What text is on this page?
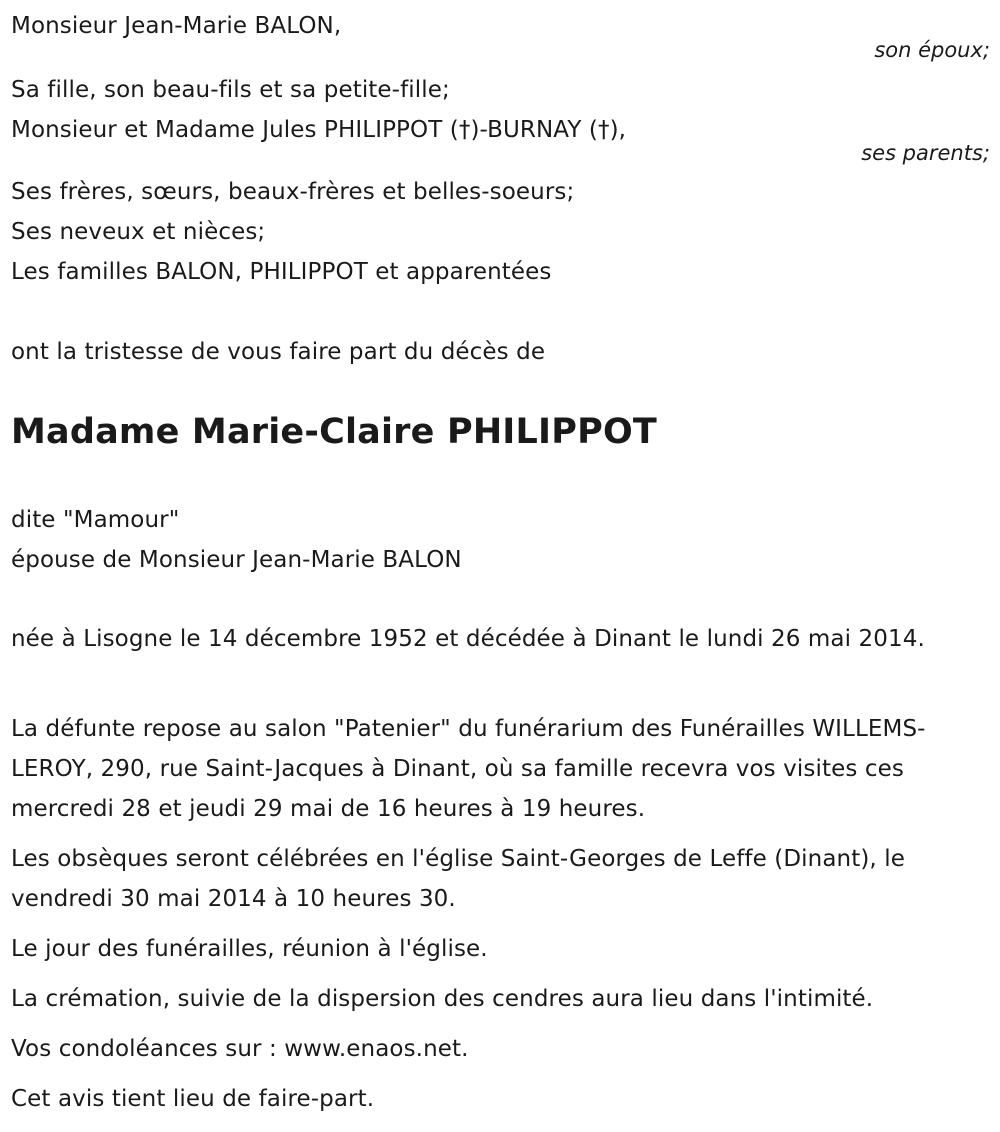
Monsieur Jean-Marie BALON,
son époux;
Sa fille, son beau-fils et sa petite-fille;
Monsieur et Madame Jules PHILIPPOT (†)-BURNAY (†),
ses parents;
Ses frères, sœurs, beaux-frères et belles-soeurs;
Ses neveux et nièces;
Les familles BALON, PHILIPPOT et apparentées
ont la tristesse de vous faire part du décès de
Madame Marie-Claire PHILIPPOT
dite "Mamour"
épouse de Monsieur Jean-Marie BALON
née à Lisogne le 14 décembre 1952 et décédée à Dinant le lundi 26 mai 2014.
La défunte repose au salon "Patenier" du funérarium des Funérailles WILLEMS-LEROY, 290, rue Saint-Jacques à Dinant, où sa famille recevra vos visites ces mercredi 28 et jeudi 29 mai de 16 heures à 19 heures.
Les obsèques seront célébrées en l'église Saint-Georges de Leffe (Dinant), le vendredi 30 mai 2014 à 10 heures 30.
Le jour des funérailles, réunion à l'église.
La crémation, suivie de la dispersion des cendres aura lieu dans l'intimité.
Vos condoléances sur : www.enaos.net.
Cet avis tient lieu de faire-part.
